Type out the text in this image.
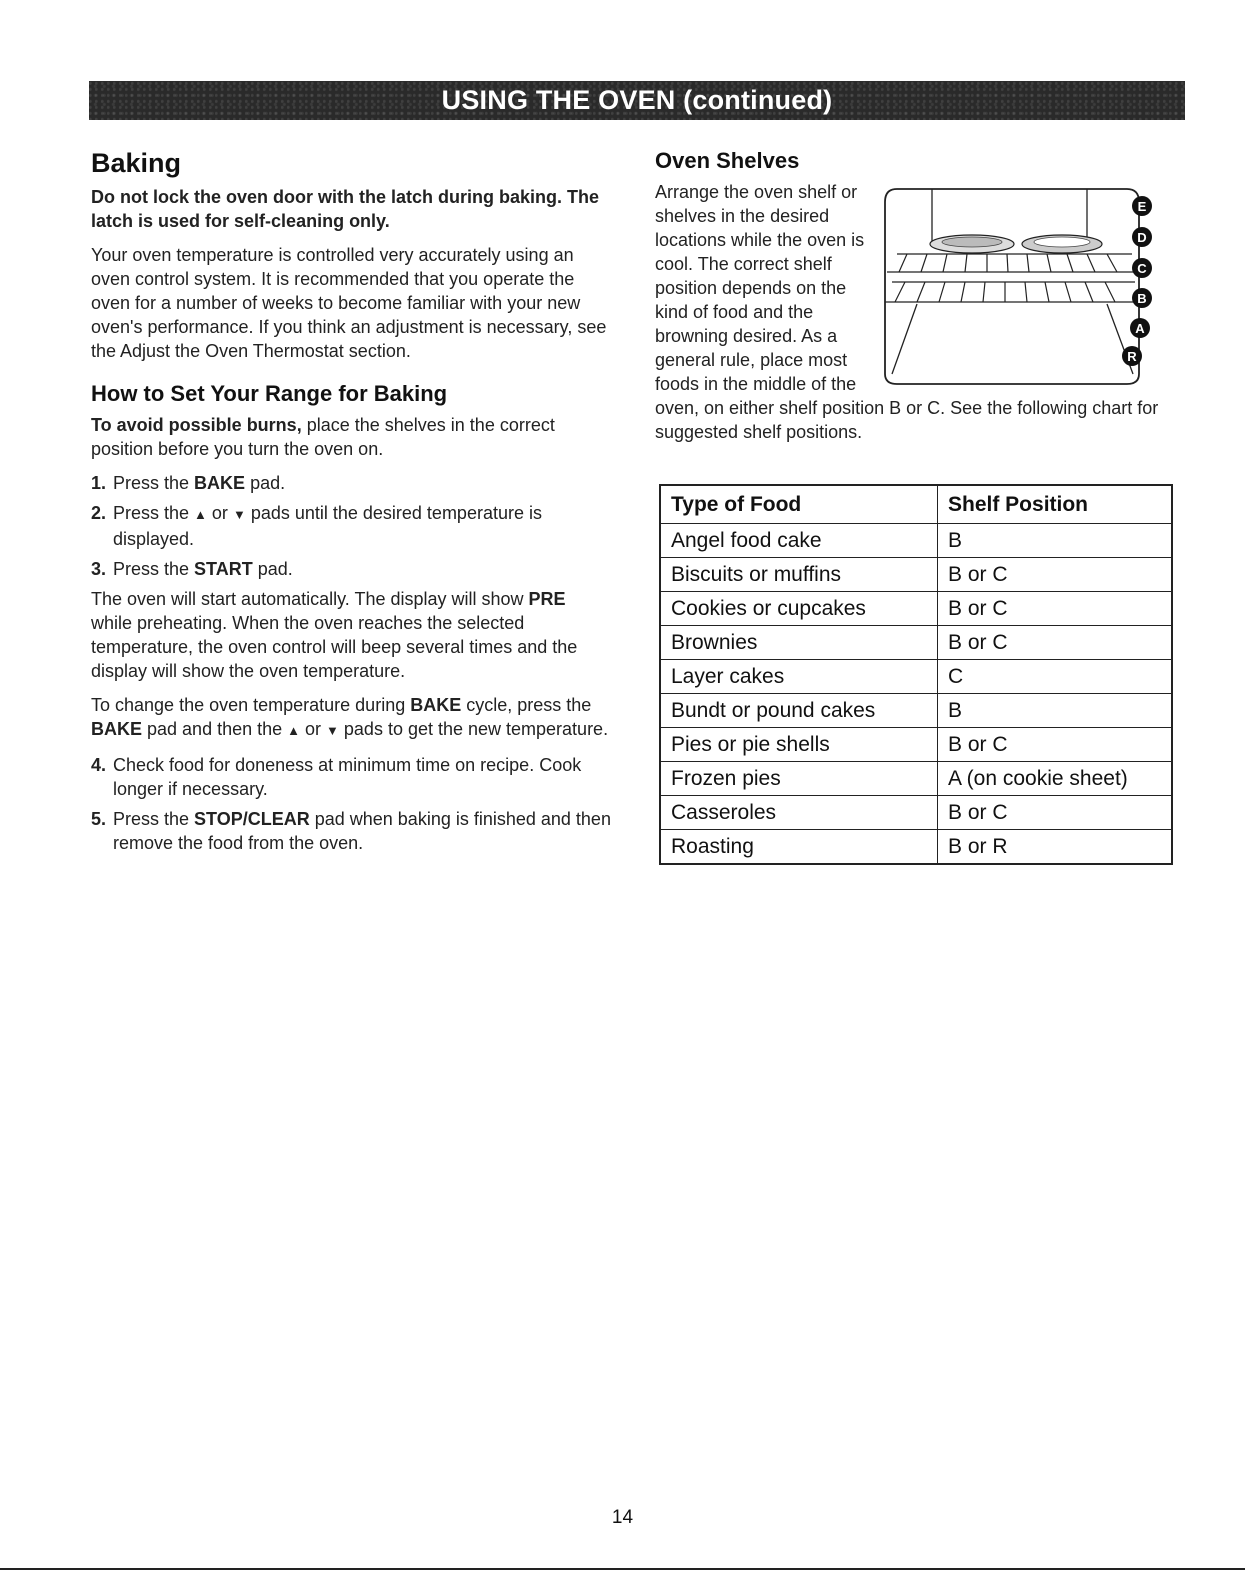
USING THE OVEN (continued)
Baking

Do not lock the oven door with the latch during baking. The latch is used for self-cleaning only.

Your oven temperature is controlled very accurately using an oven control system. It is recommended that you operate the oven for a number of weeks to become familiar with your new oven's performance. If you think an adjustment is necessary, see the Adjust the Oven Thermostat section.

How to Set Your Range for Baking

To avoid possible burns, place the shelves in the correct position before you turn the oven on.

1. Press the BAKE pad.
2. Press the ▲ or ▼ pads until the desired temperature is displayed.
3. Press the START pad.

The oven will start automatically. The display will show PRE while preheating. When the oven reaches the selected temperature, the oven control will beep several times and the display will show the oven temperature.

To change the oven temperature during BAKE cycle, press the BAKE pad and then the ▲ or ▼ pads to get the new temperature.

4. Check food for doneness at minimum time on recipe. Cook longer if necessary.
5. Press the STOP/CLEAR pad when baking is finished and then remove the food from the oven.
Oven Shelves

Arrange the oven shelf or shelves in the desired locations while the oven is cool. The correct shelf position depends on the kind of food and the browning desired. As a general rule, place most foods in the middle of the

oven, on either shelf position B or C. See the following chart for suggested shelf positions.

E
D
C
B
A
R
Type of Food	Shelf Position
Angel food cake	B
Biscuits or muffins	B or C
Cookies or cupcakes	B or C
Brownies	B or C
Layer cakes	C
Bundt or pound cakes	B
Pies or pie shells	B or C
Frozen pies	A (on cookie sheet)
Casseroles	B or C
Roasting	B or R
14
